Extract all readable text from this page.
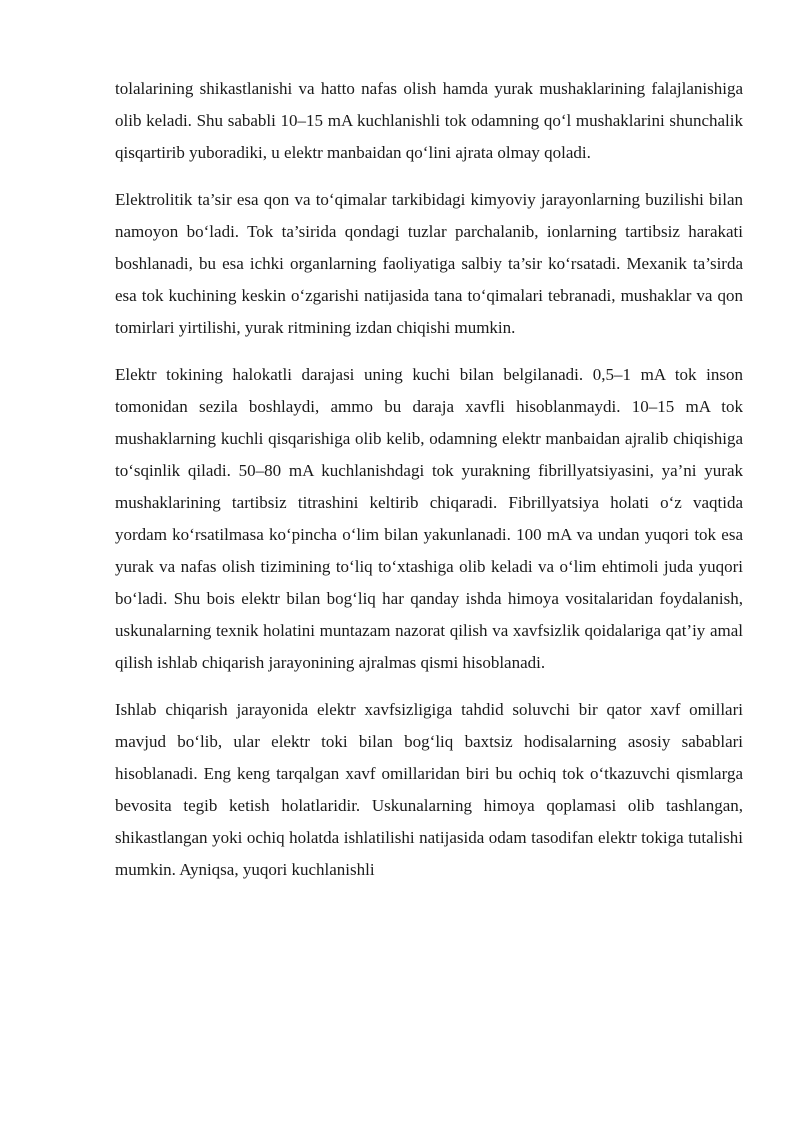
tolalarining shikastlanishi va hatto nafas olish hamda yurak mushaklarining falajlanishiga olib keladi. Shu sababli 10–15 mA kuchlanishli tok odamning qo‘l mushaklarini shunchalik qisqartirib yuboradiki, u elektr manbaidan qo‘lini ajrata olmay qoladi.

Elektrolitik ta’sir esa qon va to‘qimalar tarkibidagi kimyoviy jarayonlarning buzilishi bilan namoyon bo‘ladi. Tok ta’sirida qondagi tuzlar parchalanib, ionlarning tartibsiz harakati boshlanadi, bu esa ichki organlarning faoliyatiga salbiy ta’sir ko‘rsatadi. Mexanik ta’sirda esa tok kuchining keskin o‘zgarishi natijasida tana to‘qimalari tebranadi, mushaklar va qon tomirlari yirtilishi, yurak ritmining izdan chiqishi mumkin.

Elektr tokining halokatli darajasi uning kuchi bilan belgilanadi. 0,5–1 mA tok inson tomonidan sezila boshlaydi, ammo bu daraja xavfli hisoblanmaydi. 10–15 mA tok mushaklarning kuchli qisqarishiga olib kelib, odamning elektr manbaidan ajralib chiqishiga to‘sqinlik qiladi. 50–80 mA kuchlanishdagi tok yurakning fibrillyatsiyasini, ya’ni yurak mushaklarining tartibsiz titrashini keltirib chiqaradi. Fibrillyatsiya holati o‘z vaqtida yordam ko‘rsatilmasa ko‘pincha o‘lim bilan yakunlanadi. 100 mA va undan yuqori tok esa yurak va nafas olish tizimining to‘liq to‘xtashiga olib keladi va o‘lim ehtimoli juda yuqori bo‘ladi. Shu bois elektr bilan bog‘liq har qanday ishda himoya vositalaridan foydalanish, uskunalarning texnik holatini muntazam nazorat qilish va xavfsizlik qoidalariga qat’iy amal qilish ishlab chiqarish jarayonining ajralmas qismi hisoblanadi.

Ishlab chiqarish jarayonida elektr xavfsizligiga tahdid soluvchi bir qator xavf omillari mavjud bo‘lib, ular elektr toki bilan bog‘liq baxtsiz hodisalarning asosiy sabablari hisoblanadi. Eng keng tarqalgan xavf omillaridan biri bu ochiq tok o‘tkazuvchi qismlarga bevosita tegib ketish holatlaridir. Uskunalarning himoya qoplamasi olib tashlangan, shikastlangan yoki ochiq holatda ishlatilishi natijasida odam tasodifan elektr tokiga tutalishi mumkin. Ayniqsa, yuqori kuchlanishli
